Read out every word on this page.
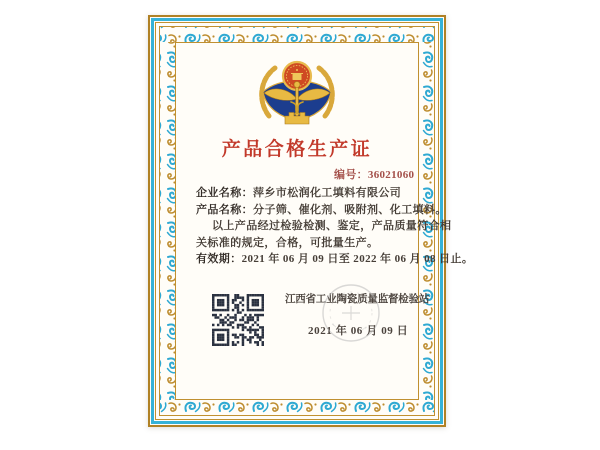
产品合格生产证
编号：36021060
企业名称：萍乡市松润化工填料有限公司
产品名称：分子筛、催化剂、吸附剂、化工填料。
以上产品经过检验检测、鉴定，产品质量符合相
关标准的规定，合格，可批量生产。
有效期：2021 年 06 月 09 日至 2022 年 06 月 08 日止。
江西省工业陶瓷质量监督检验站
2021 年 06 月 09 日
